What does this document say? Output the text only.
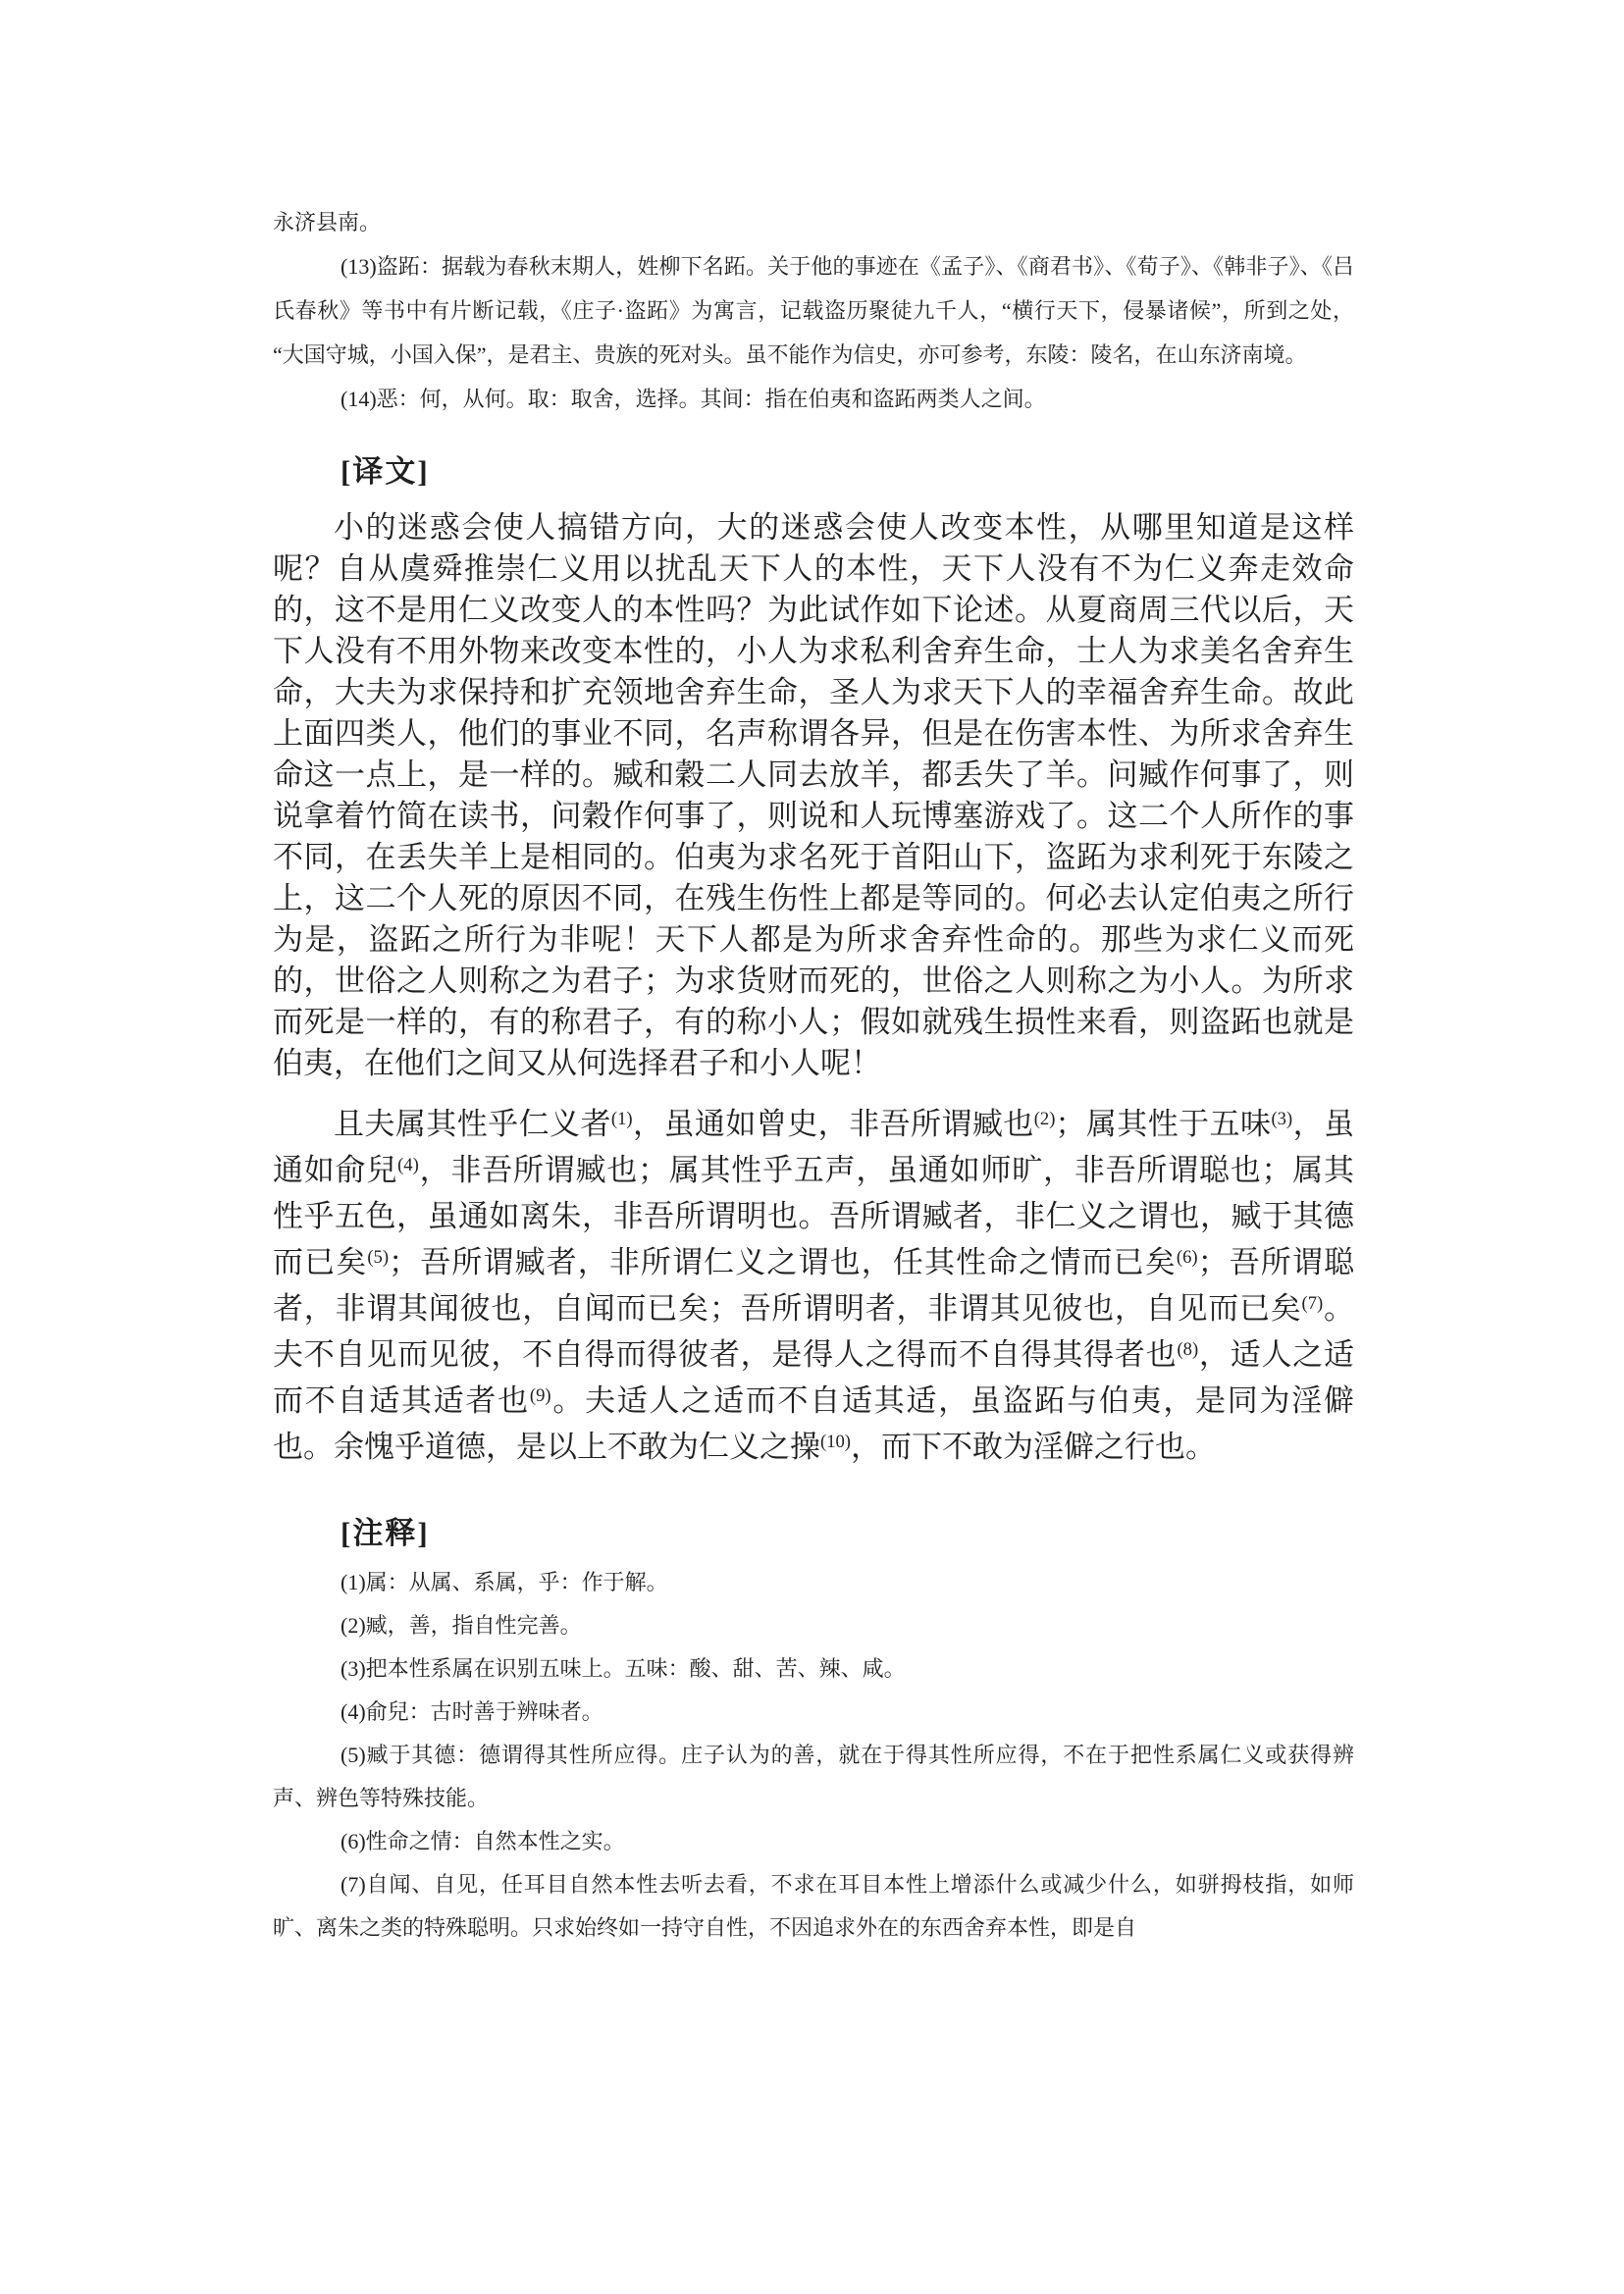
永济县南。

(13)盗跖：据载为春秋末期人，姓柳下名跖。关于他的事迹在《孟子》、《商君书》、《荀子》、《韩非子》、《吕氏春秋》等书中有片断记载，《庄子·盗跖》为寓言，记载盗历聚徒九千人，“横行天下，侵暴诸候”，所到之处，“大国守城，小国入保”，是君主、贵族的死对头。虽不能作为信史，亦可参考，东陵：陵名，在山东济南境。

(14)恶：何，从何。取：取舍，选择。其间：指在伯夷和盗跖两类人之间。

[译文]

小的迷惑会使人搞错方向，大的迷惑会使人改变本性，从哪里知道是这样呢？自从虞舜推崇仁义用以扰乱天下人的本性，天下人没有不为仁义奔走效命的，这不是用仁义改变人的本性吗？为此试作如下论述。从夏商周三代以后，天下人没有不用外物来改变本性的，小人为求私利舍弃生命，士人为求美名舍弃生命，大夫为求保持和扩充领地舍弃生命，圣人为求天下人的幸福舍弃生命。故此上面四类人，他们的事业不同，名声称谓各异，但是在伤害本性、为所求舍弃生命这一点上，是一样的。臧和穀二人同去放羊，都丢失了羊。问臧作何事了，则说拿着竹简在读书，问穀作何事了，则说和人玩博塞游戏了。这二个人所作的事不同，在丢失羊上是相同的。伯夷为求名死于首阳山下，盗跖为求利死于东陵之上，这二个人死的原因不同，在残生伤性上都是等同的。何必去认定伯夷之所行为是，盗跖之所行为非呢！天下人都是为所求舍弃性命的。那些为求仁义而死的，世俗之人则称之为君子；为求货财而死的，世俗之人则称之为小人。为所求而死是一样的，有的称君子，有的称小人；假如就残生损性来看，则盗跖也就是伯夷，在他们之间又从何选择君子和小人呢！

且夫属其性乎仁义者$^{(1)}$，虽通如曾史，非吾所谓臧也$^{(2)}$；属其性于五味$^{(3)}$，虽通如俞兒$^{(4)}$，非吾所谓臧也；属其性乎五声，虽通如师旷，非吾所谓聪也；属其性乎五色，虽通如离朱，非吾所谓明也。吾所谓臧者，非仁义之谓也，臧于其德而已矣$^{(5)}$；吾所谓臧者，非所谓仁义之谓也，任其性命之情而已矣$^{(6)}$；吾所谓聪者，非谓其闻彼也，自闻而已矣；吾所谓明者，非谓其见彼也，自见而已矣$^{(7)}$。夫不自见而见彼，不自得而得彼者，是得人之得而不自得其得者也$^{(8)}$，适人之适而不自适其适者也$^{(9)}$。夫适人之适而不自适其适，虽盗跖与伯夷，是同为淫僻也。余愧乎道德，是以上不敢为仁义之操$^{(10)}$，而下不敢为淫僻之行也。

[注释]

(1)属：从属、系属，乎：作于解。

(2)臧，善，指自性完善。

(3)把本性系属在识别五味上。五味：酸、甜、苦、辣、咸。

(4)俞兒：古时善于辨味者。

(5)臧于其德：德谓得其性所应得。庄子认为的善，就在于得其性所应得，不在于把性系属仁义或获得辨声、辨色等特殊技能。

(6)性命之情：自然本性之实。

(7)自闻、自见，任耳目自然本性去听去看，不求在耳目本性上增添什么或减少什么，如骈拇枝指，如师旷、离朱之类的特殊聪明。只求始终如一持守自性，不因追求外在的东西舍弃本性，即是自
